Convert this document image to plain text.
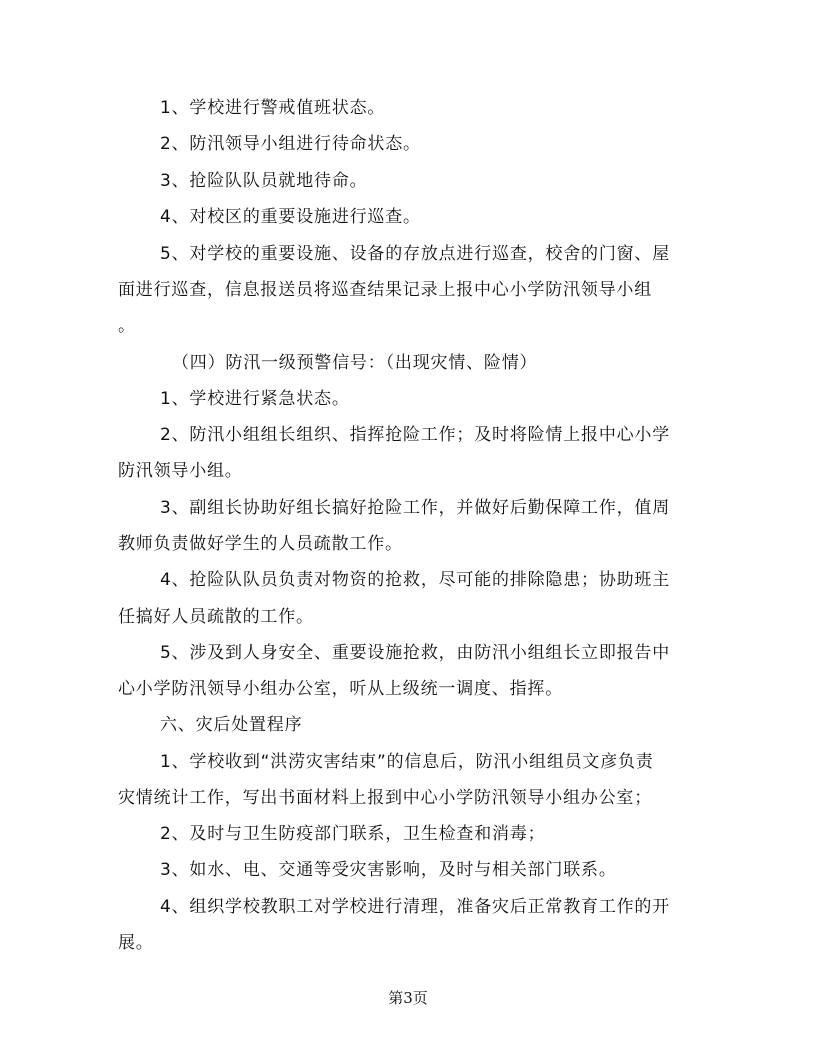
1、学校进行警戒值班状态。
2、防汛领导小组进行待命状态。
3、抢险队队员就地待命。
4、对校区的重要设施进行巡查。
5、对学校的重要设施、设备的存放点进行巡查，校舍的门窗、屋
面进行巡查，信息报送员将巡查结果记录上报中心小学防汛领导小组
。
（四）防汛一级预警信号：（出现灾情、险情）
1、学校进行紧急状态。
2、防汛小组组长组织、指挥抢险工作；及时将险情上报中心小学
防汛领导小组。
3、副组长协助好组长搞好抢险工作，并做好后勤保障工作，值周
教师负责做好学生的人员疏散工作。
4、抢险队队员负责对物资的抢救，尽可能的排除隐患；协助班主
任搞好人员疏散的工作。
5、涉及到人身安全、重要设施抢救，由防汛小组组长立即报告中
心小学防汛领导小组办公室，听从上级统一调度、指挥。
六、灾后处置程序
1、学校收到“洪涝灾害结束”的信息后，防汛小组组员文彦负责
灾情统计工作，写出书面材料上报到中心小学防汛领导小组办公室；
2、及时与卫生防疫部门联系，卫生检查和消毒；
3、如水、电、交通等受灾害影响，及时与相关部门联系。
4、组织学校教职工对学校进行清理，准备灾后正常教育工作的开
展。
第3页
